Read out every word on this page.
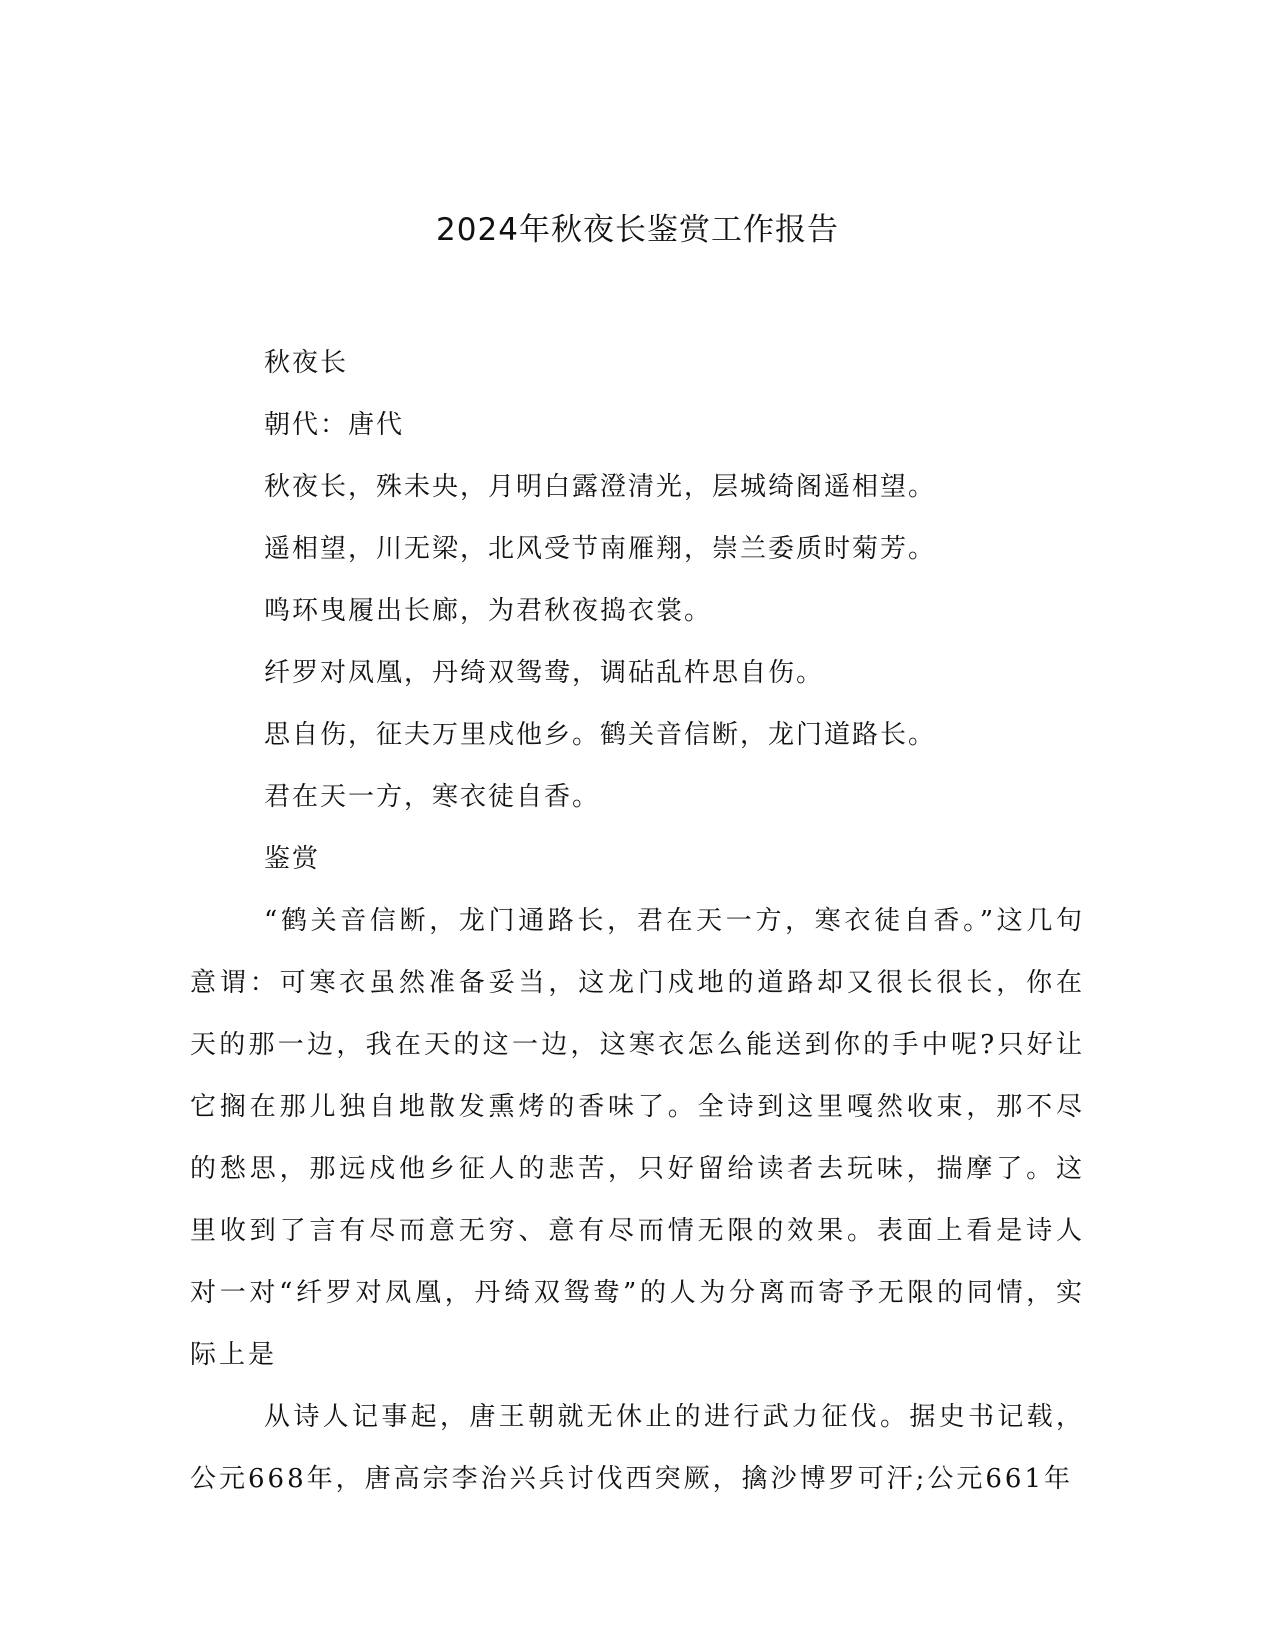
2024年秋夜长鉴赏工作报告

秋夜长

朝代：唐代

秋夜长，殊未央，月明白露澄清光，层城绮阁遥相望。

遥相望，川无梁，北风受节南雁翔，崇兰委质时菊芳。

鸣环曳履出长廊，为君秋夜捣衣裳。

纤罗对凤凰，丹绮双鸳鸯，调砧乱杵思自伤。

思自伤，征夫万里戍他乡。鹤关音信断，龙门道路长。

君在天一方，寒衣徒自香。

鉴赏

“鹤关音信断，龙门通路长，君在天一方，寒衣徒自香。”这几句意谓：可寒衣虽然准备妥当，这龙门戍地的道路却又很长很长，你在天的那一边，我在天的这一边，这寒衣怎么能送到你的手中呢?只好让它搁在那儿独自地散发熏烤的香味了。全诗到这里嘎然收束，那不尽的愁思，那远戍他乡征人的悲苦，只好留给读者去玩味，揣摩了。这里收到了言有尽而意无穷、意有尽而情无限的效果。表面上看是诗人对一对“纤罗对凤凰，丹绮双鸳鸯”的人为分离而寄予无限的同情，实际上是

从诗人记事起，唐王朝就无休止的进行武力征伐。据史书记载，公元668年，唐高宗李治兴兵讨伐西突厥，擒沙博罗可汗;公元661年
